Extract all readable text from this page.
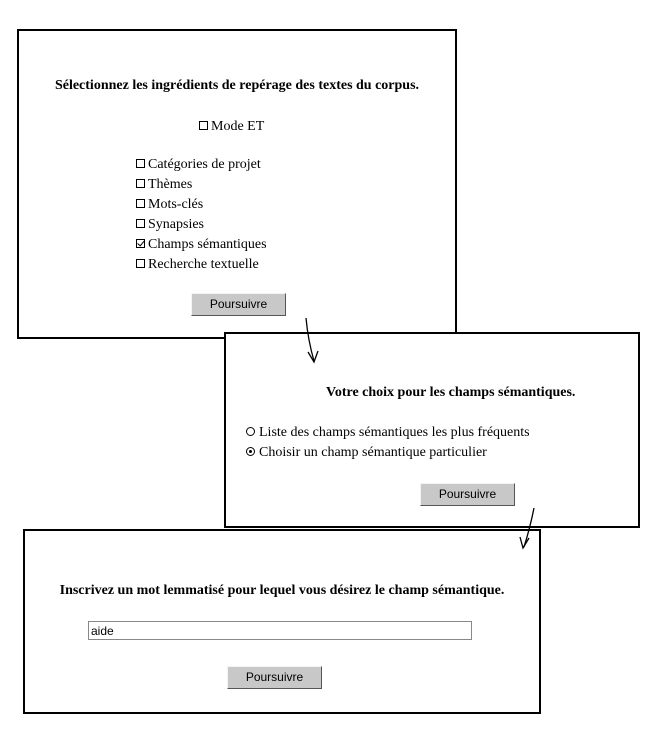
Sélectionnez les ingrédients de repérage des textes du corpus.
Mode ET
Catégories de projet
Thèmes
Mots-clés
Synapsies
Champs sémantiques
Recherche textuelle
Poursuivre
Votre choix pour les champs sémantiques.
Liste des champs sémantiques les plus fréquents
Choisir un champ sémantique particulier
Poursuivre
Inscrivez un mot lemmatisé pour lequel vous désirez le champ sémantique.
aide
Poursuivre
